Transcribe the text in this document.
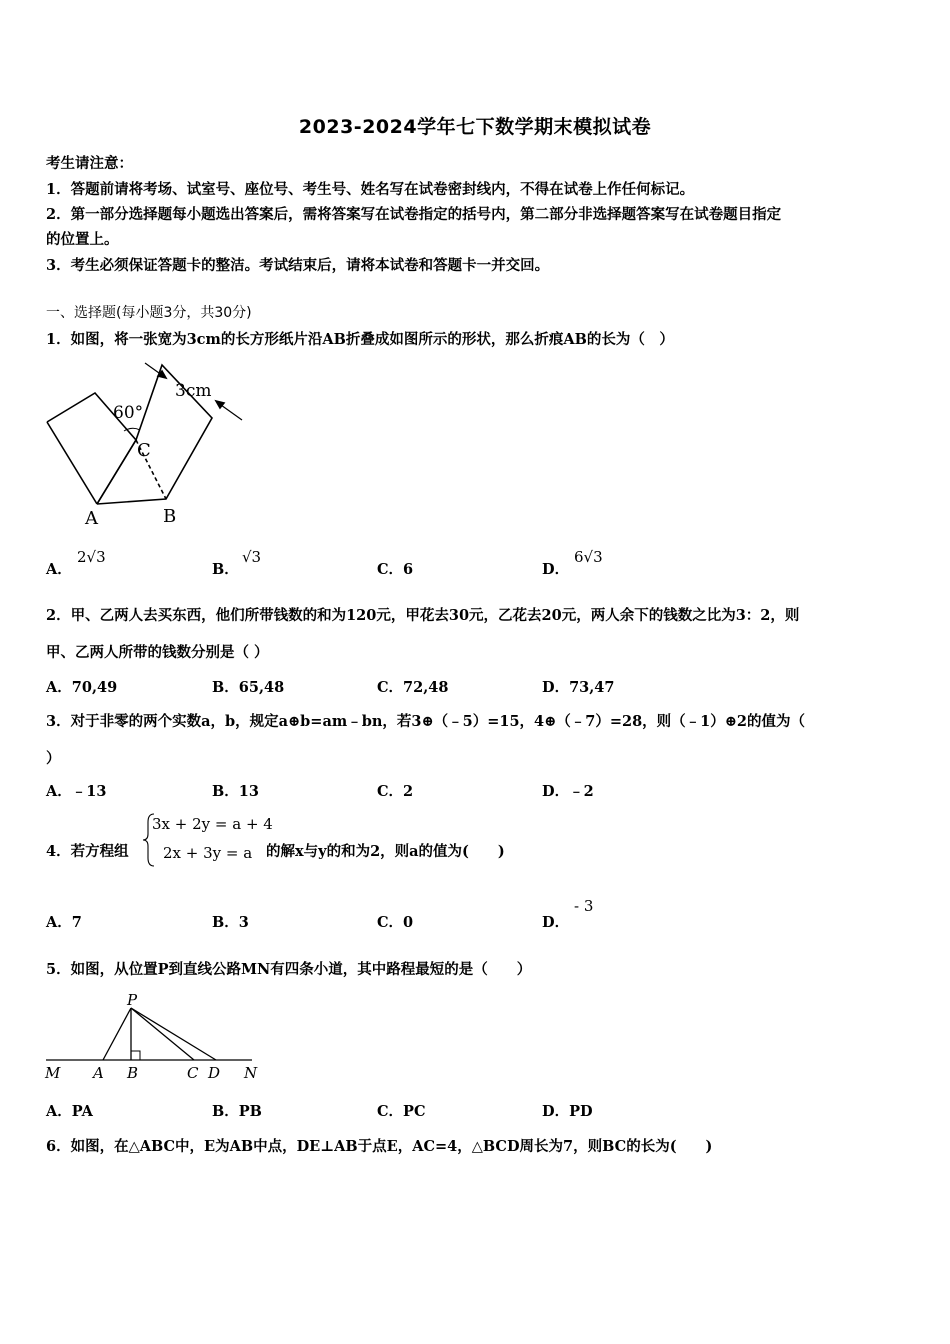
2023-2024学年七下数学期末模拟试卷
考生请注意：
1．答题前请将考场、试室号、座位号、考生号、姓名写在试卷密封线内，不得在试卷上作任何标记。
2．第一部分选择题每小题选出答案后，需将答案写在试卷指定的括号内，第二部分非选择题答案写在试卷题目指定
的位置上。
3．考生必须保证答题卡的整洁。考试结束后，请将本试卷和答题卡一并交回。
一、选择题(每小题3分，共30分)
1．如图，将一张宽为3cm的长方形纸片沿AB折叠成如图所示的形状，那么折痕AB的长为（　）
60°
3cm
C
A	B
A．
2√3
B．
√3
C．6	D．
6√3
2．甲、乙两人去买东西，他们所带钱数的和为120元，甲花去30元，乙花去20元，两人余下的钱数之比为3：2，则
甲、乙两人所带的钱数分别是（ ）
A．70,49	B．65,48	C．72,48	D．73,47
3．对于非零的两个实数a，b，规定a⊕b=am﹣bn，若3⊕（﹣5）=15，4⊕（﹣7）=28，则（﹣1）⊕2的值为（
）
A．﹣13	B．13	C．2	D．﹣2
4．若方程组
3x + 2y = a + 4
2x + 3y = a 的解x与y的和为2，则a的值为(　　)
A．7	B．3	C．0	D．
- 3
5．如图，从位置P到直线公路MN有四条小道，其中路程最短的是（　　）
P
M A B	C D N
A．PA	B．PB	C．PC	D．PD
6．如图，在△ABC中，E为AB中点，DE⊥AB于点E，AC=4，△BCD周长为7，则BC的长为(　　)
